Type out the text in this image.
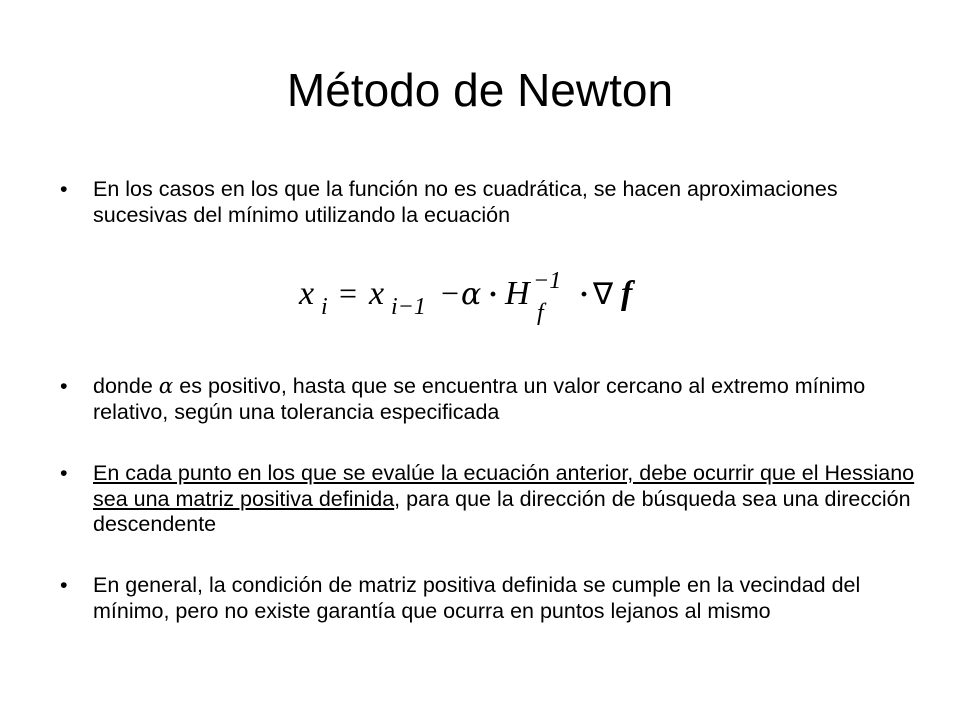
Método de Newton
•	En los casos en los que la función no es cuadrática, se hacen aproximaciones sucesivas del mínimo utilizando la ecuación
x i = x i−1 − α · H −1
f
· ∇ f
•	donde α es positivo, hasta que se encuentra un valor cercano al extremo mínimo relativo, según una tolerancia especificada
•	En cada punto en los que se evalúe la ecuación anterior, debe ocurrir que el Hessiano sea una matriz positiva definida, para que la dirección de búsqueda sea una dirección descendente
•	En general, la condición de matriz positiva definida se cumple en la vecindad del mínimo, pero no existe garantía que ocurra en puntos lejanos al mismo
